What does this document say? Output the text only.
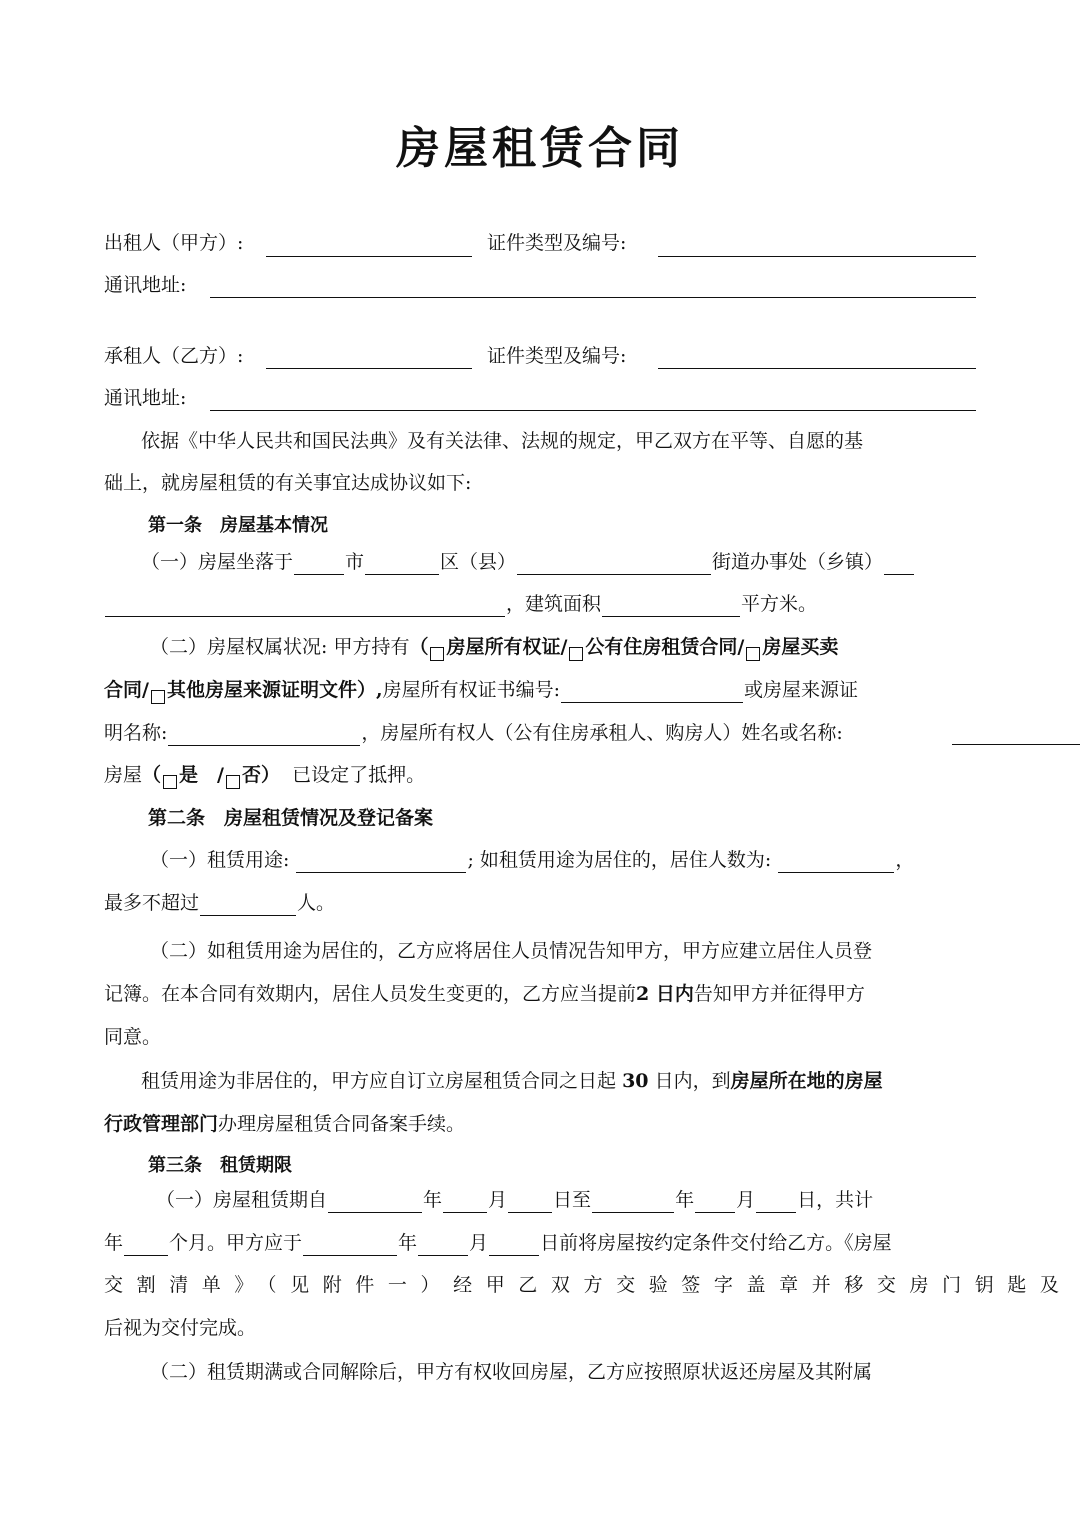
房屋租赁合同
出租人（甲方）:	证件类型及编号:
通讯地址:
承租人（乙方）:	证件类型及编号:
通讯地址:
依据《中华人民共和国民法典》及有关法律、法规的规定，甲乙双方在平等、自愿的基
础上，就房屋租赁的有关事宜达成协议如下:
第一条　房屋基本情况
（一）房屋坐落于	市	区（县）	街道办事处（乡镇）
，建筑面积	平方米。
（二）房屋权属状况: 甲方持有（ 房屋所有权证/ 公有住房租赁合同/ 房屋买卖
合同/ 其他房屋来源证明文件）,房屋所有权证书编号:	或房屋来源证
明名称:	，房屋所有权人（公有住房承租人、购房人）姓名或名称:
房屋（ 是　/ 否） 已设定了抵押。
第二条　房屋租赁情况及登记备案
（一）租赁用途:	; 如租赁用途为居住的，居住人数为:	，
最多不超过	人。
（二）如租赁用途为居住的，乙方应将居住人员情况告知甲方，甲方应建立居住人员登
记簿。在本合同有效期内，居住人员发生变更的，乙方应当提前2 日内告知甲方并征得甲方
同意。
租赁用途为非居住的，甲方应自订立房屋租赁合同之日起 30 日内，到房屋所在地的房屋
行政管理部门办理房屋租赁合同备案手续。
第三条　租赁期限
（一）房屋租赁期自	年 月 日至	年 月 日，共计
年 个月。甲方应于	年	月	日前将房屋按约定条件交付给乙方。《房屋
交割清单》（见附件一）经甲乙双方交验签字盖章并移交房门钥匙及
后视为交付完成。
（二）租赁期满或合同解除后，甲方有权收回房屋，乙方应按照原状返还房屋及其附属
